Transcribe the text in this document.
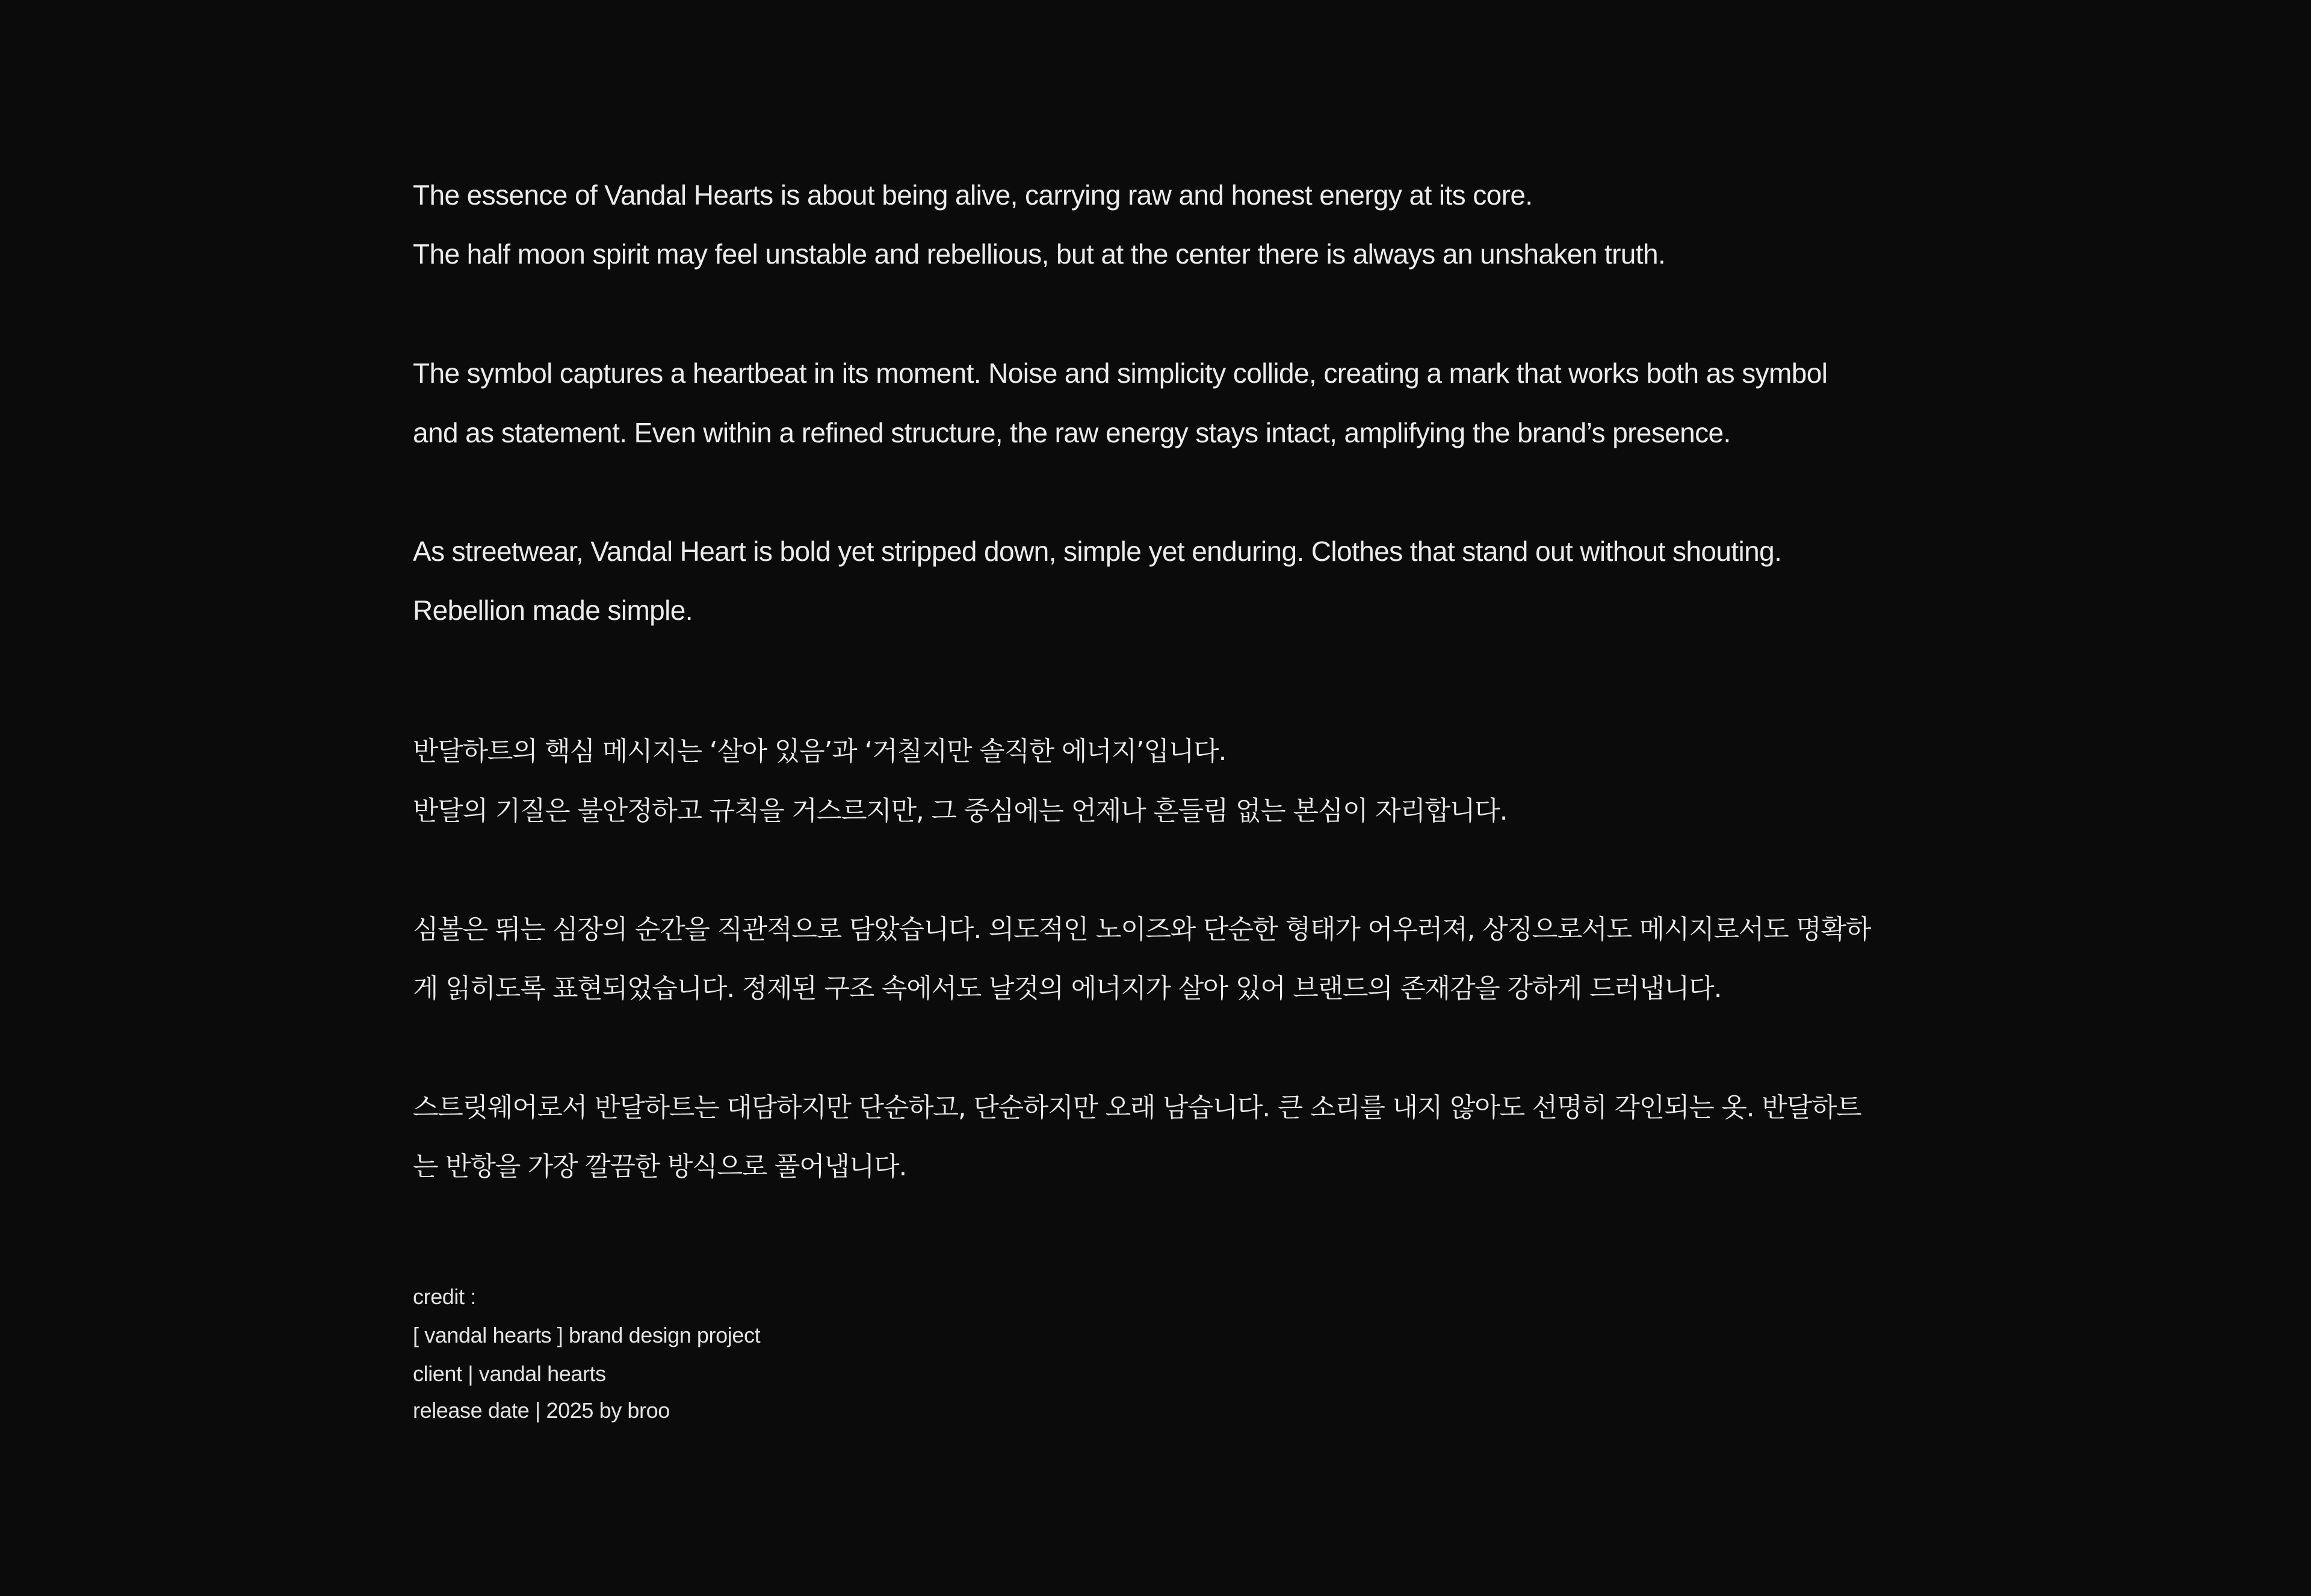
The essence of Vandal Hearts is about being alive, carrying raw and honest energy at its core.
The half moon spirit may feel unstable and rebellious, but at the center there is always an unshaken truth.
The symbol captures a heartbeat in its moment. Noise and simplicity collide, creating a mark that works both as symbol
and as statement. Even within a refined structure, the raw energy stays intact, amplifying the brand’s presence.
As streetwear, Vandal Heart is bold yet stripped down, simple yet enduring. Clothes that stand out without shouting.
Rebellion made simple.
반달하트의 핵심 메시지는 ‘살아 있음’과 ‘거칠지만 솔직한 에너지’입니다.
반달의 기질은 불안정하고 규칙을 거스르지만, 그 중심에는 언제나 흔들림 없는 본심이 자리합니다.
심볼은 뛰는 심장의 순간을 직관적으로 담았습니다. 의도적인 노이즈와 단순한 형태가 어우러져, 상징으로서도 메시지로서도 명확하
게 읽히도록 표현되었습니다. 정제된 구조 속에서도 날것의 에너지가 살아 있어 브랜드의 존재감을 강하게 드러냅니다.
스트릿웨어로서 반달하트는 대담하지만 단순하고, 단순하지만 오래 남습니다. 큰 소리를 내지 않아도 선명히 각인되는 옷. 반달하트
는 반항을 가장 깔끔한 방식으로 풀어냅니다.
credit :
[ vandal hearts ] brand design project
client | vandal hearts
release date | 2025 by broo
